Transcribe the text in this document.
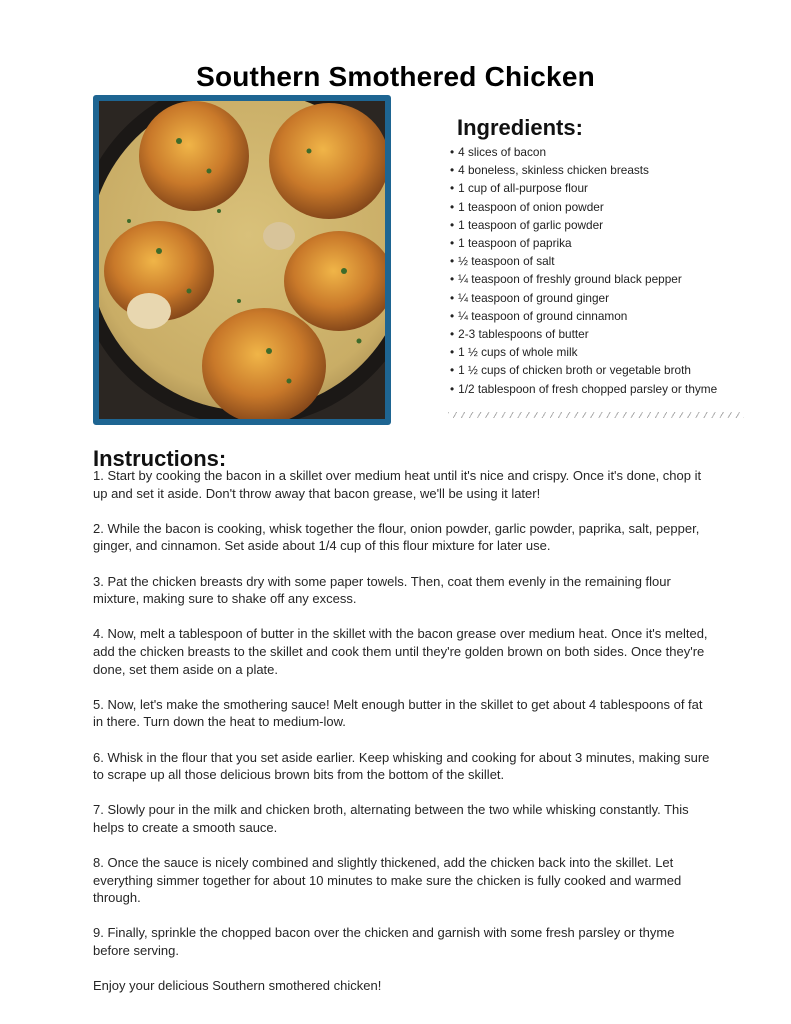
Southern Smothered Chicken
Ingredients:
• 4 slices of bacon
• 4 boneless, skinless chicken breasts
• 1 cup of all-purpose flour
• 1 teaspoon of onion powder
• 1 teaspoon of garlic powder
• 1 teaspoon of paprika
• ½ teaspoon of salt
• ¼ teaspoon of freshly ground black pepper
• ¼ teaspoon of ground ginger
• ¼ teaspoon of ground cinnamon
• 2-3 tablespoons of butter
• 1 ½ cups of whole milk
• 1 ½ cups of chicken broth or vegetable broth
• 1/2 tablespoon of fresh chopped parsley or thyme
Instructions:

1. Start by cooking the bacon in a skillet over medium heat until it's nice and crispy. Once it's done, chop it up and set it aside. Don't throw away that bacon grease, we'll be using it later!

2. While the bacon is cooking, whisk together the flour, onion powder, garlic powder, paprika, salt, pepper, ginger, and cinnamon. Set aside about 1/4 cup of this flour mixture for later use.

3. Pat the chicken breasts dry with some paper towels. Then, coat them evenly in the remaining flour mixture, making sure to shake off any excess.

4. Now, melt a tablespoon of butter in the skillet with the bacon grease over medium heat. Once it's melted, add the chicken breasts to the skillet and cook them until they're golden brown on both sides. Once they're done, set them aside on a plate.

5. Now, let's make the smothering sauce! Melt enough butter in the skillet to get about 4 tablespoons of fat in there. Turn down the heat to medium-low.

6. Whisk in the flour that you set aside earlier. Keep whisking and cooking for about 3 minutes, making sure to scrape up all those delicious brown bits from the bottom of the skillet.

7. Slowly pour in the milk and chicken broth, alternating between the two while whisking constantly. This helps to create a smooth sauce.

8. Once the sauce is nicely combined and slightly thickened, add the chicken back into the skillet. Let everything simmer together for about 10 minutes to make sure the chicken is fully cooked and warmed through.

9. Finally, sprinkle the chopped bacon over the chicken and garnish with some fresh parsley or thyme before serving.

Enjoy your delicious Southern smothered chicken!
